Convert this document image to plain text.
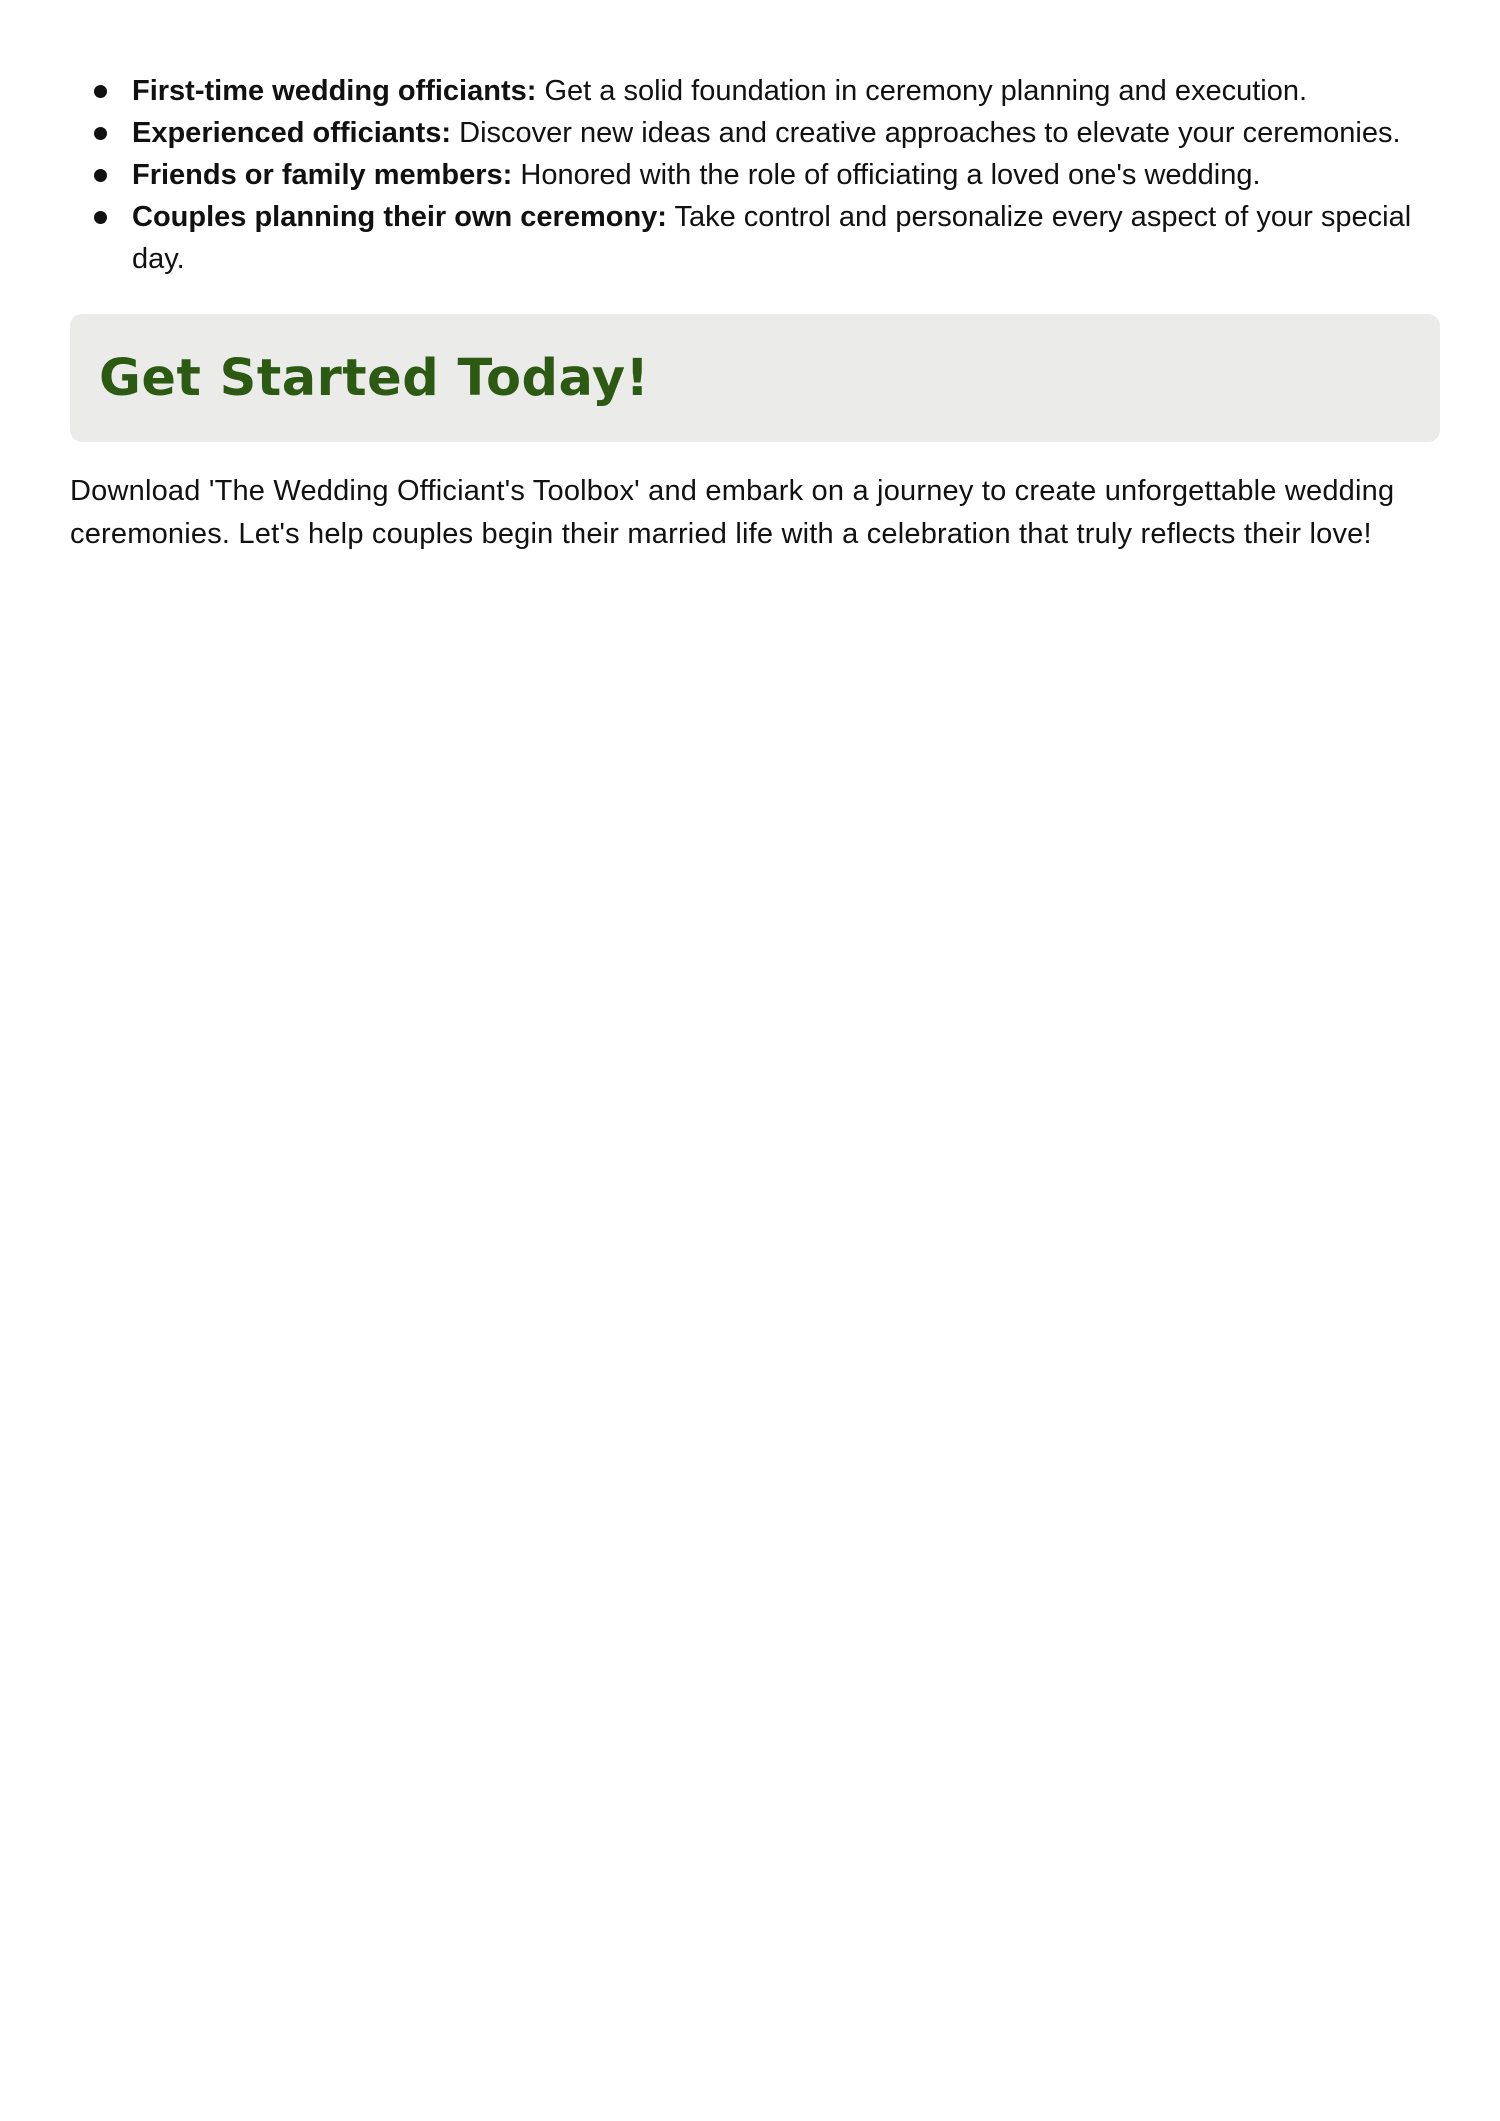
First-time wedding officiants: Get a solid foundation in ceremony planning and execution.
Experienced officiants: Discover new ideas and creative approaches to elevate your ceremonies.
Friends or family members: Honored with the role of officiating a loved one's wedding.
Couples planning their own ceremony: Take control and personalize every aspect of your special day.
Get Started Today!

Download 'The Wedding Officiant's Toolbox' and embark on a journey to create unforgettable wedding ceremonies. Let's help couples begin their married life with a celebration that truly reflects their love!
